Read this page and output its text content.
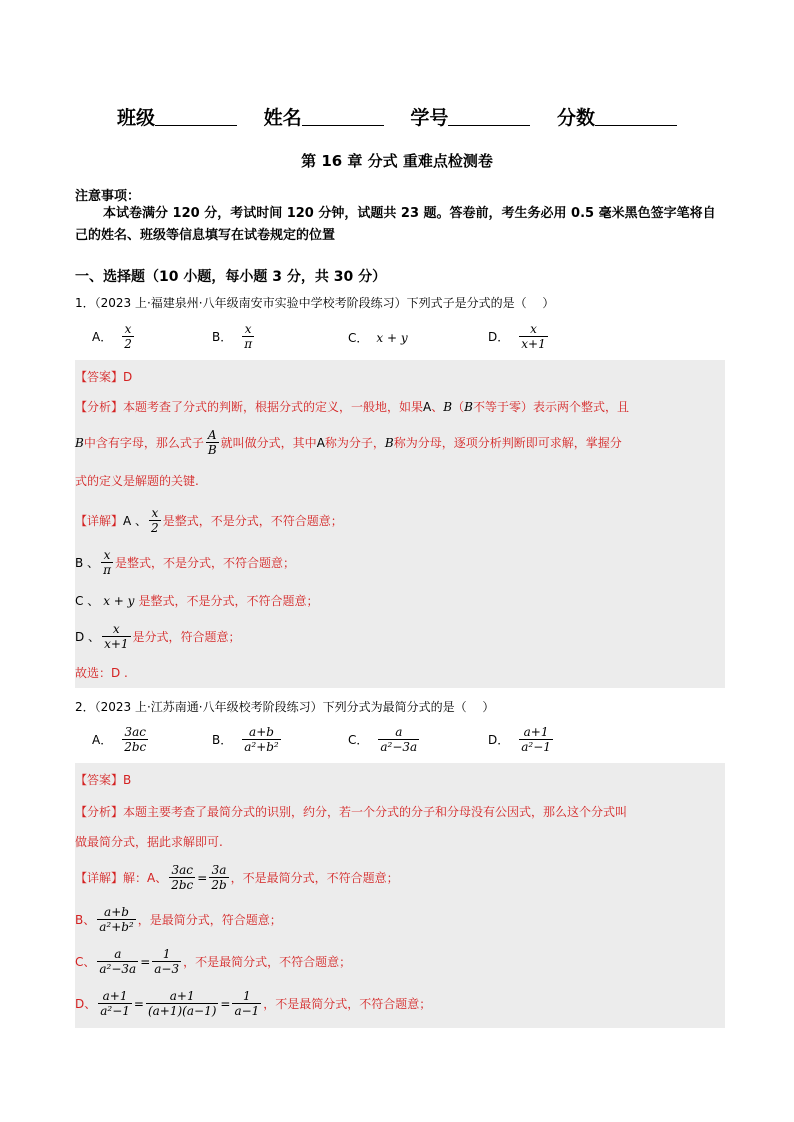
班级	姓名	学号	分数
第 16 章 分式 重难点检测卷
注意事项：
本试卷满分 120 分，考试时间 120 分钟，试题共 23 题。答卷前，考生务必用 0.5 毫米黑色签字笔将自己的姓名、班级等信息填写在试卷规定的位置
一、选择题（10 小题，每小题 3 分，共 30 分）
1．（2023 上·福建泉州·八年级南安市实验中学校考阶段练习）下列式子是分式的是（　 ）
A． $\frac{x}{2}$	B． $\frac{x}{\pi}$	C． x + y	D． $\frac{x}{x+1}$
【答案】 D
【分析】 本题考查了分式的判断，根据分式的定义，一般地，如果 A 、 B （ B 不等于零）表示两个整式，且
B 中含有字母，那么式子 $\frac{A}{B}$ 就叫做分式，其中 A 称为分子， B 称为分母，逐项分析判断即可求解，掌握分
式的定义是解题的关键.
【详解】 A 、 $\frac{x}{2}$ 是整式，不是分式，不符合题意；
B 、 $\frac{x}{\pi}$ 是整式，不是分式，不符合题意；
C 、 x + y 是整式，不是分式，不符合题意；
D 、 $\frac{x}{x+1}$ 是分式，符合题意；
故选：D .
2．（2023 上·江苏南通·八年级校考阶段练习）下列分式为最简分式的是（　 ）
A． $\frac{3ac}{2bc}$	B． $\frac{a+b}{\text{a²+b²}}$	C． $\frac{a}{\text{a²−3a}}$	D． $\frac{a+1}{\text{a²−1}}$
【答案】 B
【分析】 本题主要考查了最简分式的识别，约分，若一个分式的分子和分母没有公因式，那么这个分式叫
做最简分式，据此求解即可.
【详解】 解：A、 $\frac{3ac}{2bc} = \frac{3a}{2b}$ ，不是最简分式，不符合题意；
B、 $\frac{a+b}{\text{a²+b²}}$ ，是最简分式，符合题意；
C、 $\frac{a}{\text{a²−3a}} = \frac{1}{a-3}$ ，不是最简分式，不符合题意；
D、 $\frac{a+1}{\text{a²−1}} = \frac{a+1}{(a+1)(a-1)} = \frac{1}{a-1}$ ，不是最简分式，不符合题意；
